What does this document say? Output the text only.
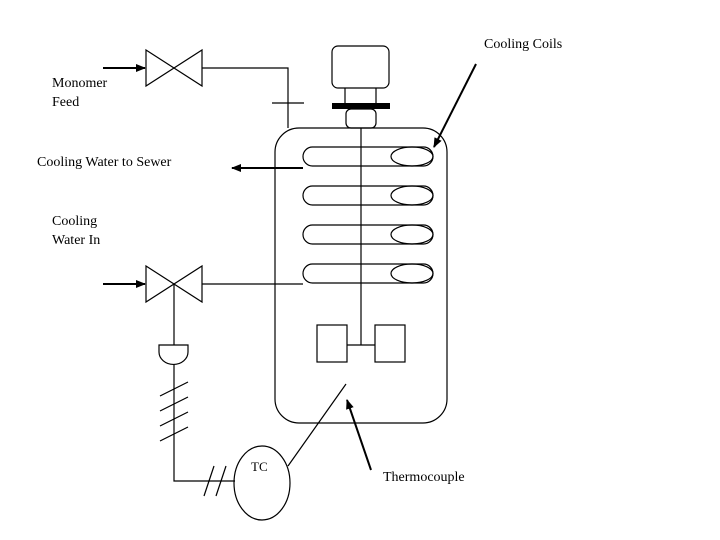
TC
Cooling Coils
Monomer
Feed
Cooling Water to Sewer
Cooling
Water In
Thermocouple
